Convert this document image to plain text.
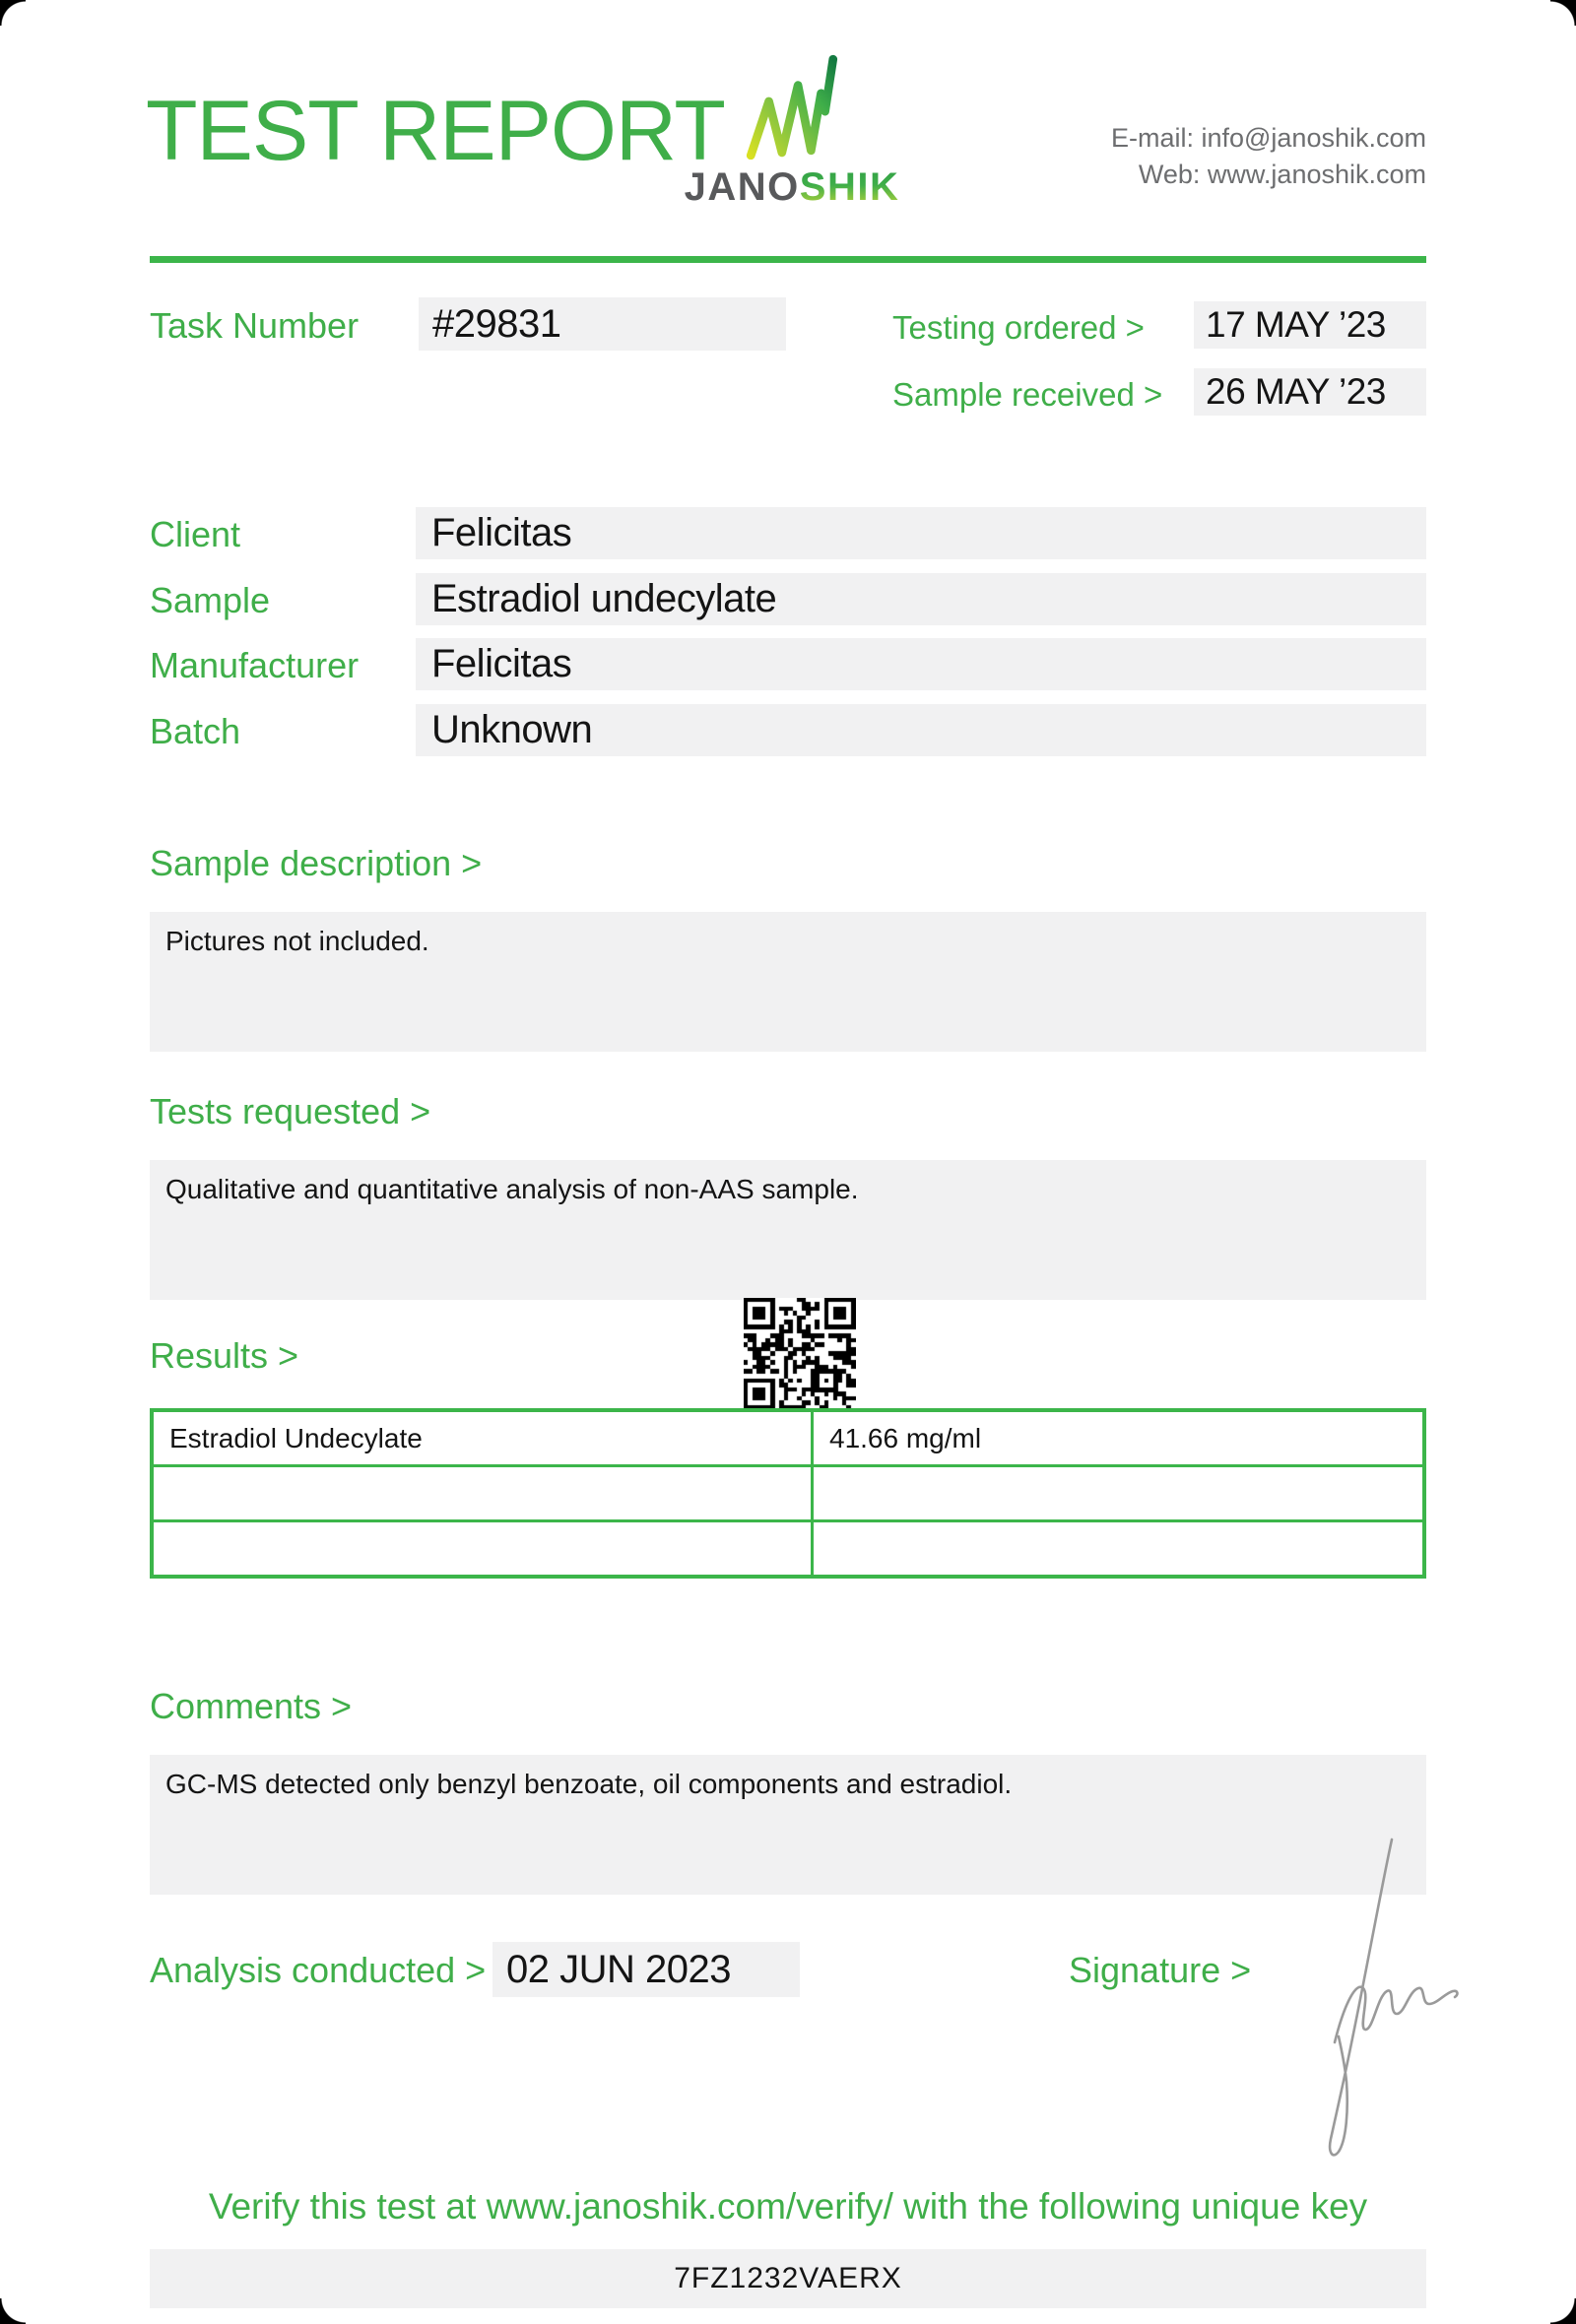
TEST REPORT
JANOSHIK
E-mail: info@janoshik.com
Web: www.janoshik.com
Task Number	#29831	Testing ordered >	17 MAY ’23
Sample received >	26 MAY ’23
Client	Felicitas
Sample	Estradiol undecylate
Manufacturer	Felicitas
Batch	Unknown
Sample description >
Pictures not included.
Tests requested >
Qualitative and quantitative analysis of non-AAS sample.
Results >
Estradiol Undecylate	41.66 mg/ml

Comments >
GC-MS detected only benzyl benzoate, oil components and estradiol.
Analysis conducted > 02 JUN 2023	Signature >
Verify this test at www.janoshik.com/verify/ with the following unique key
7FZ1232VAERX
